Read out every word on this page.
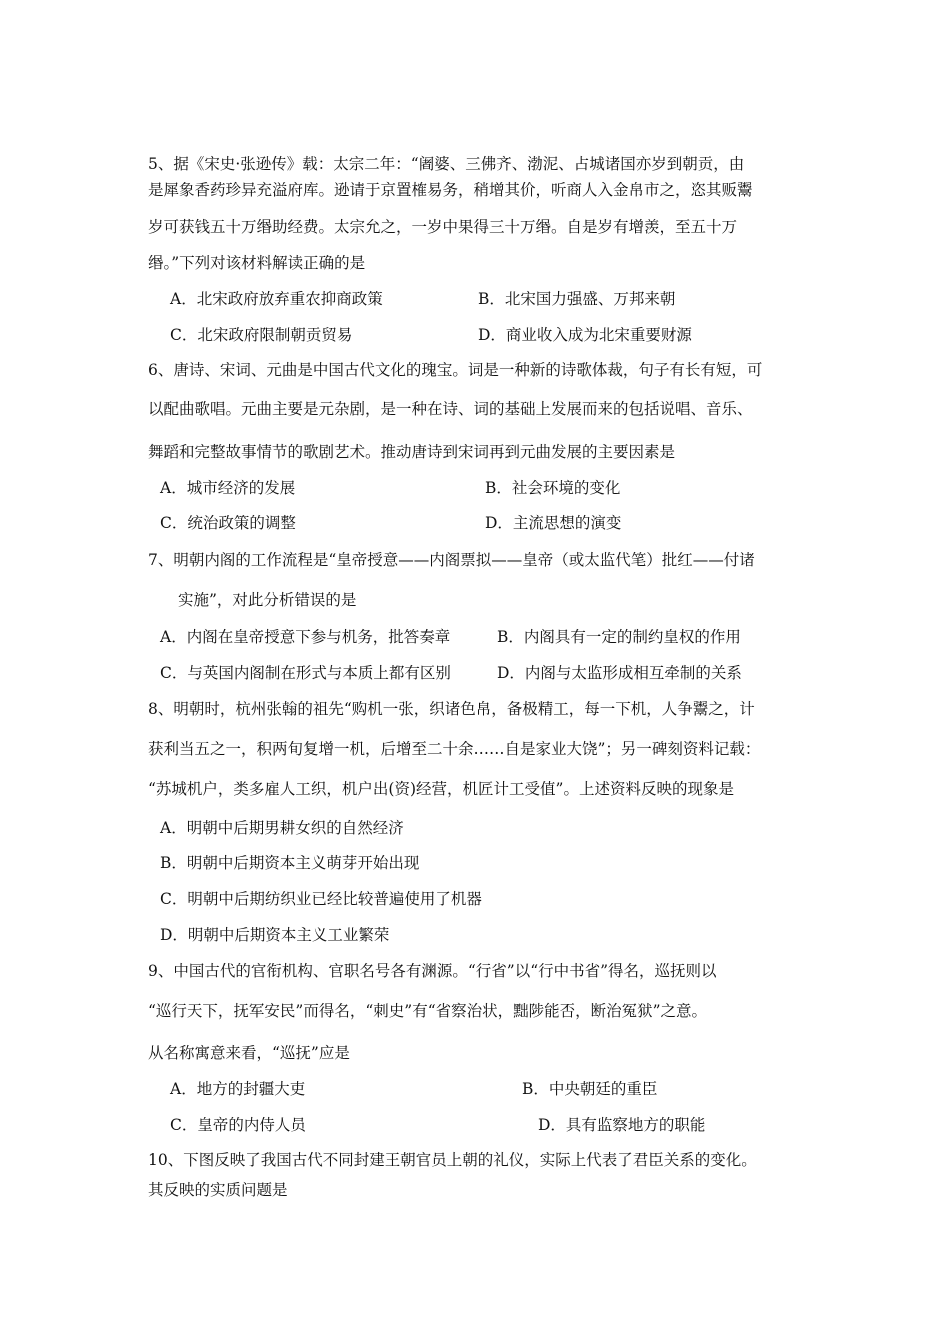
5、据《宋史·张逊传》载：太宗二年：“阇婆、三佛齐、渤泥、占城诸国亦岁到朝贡，由
是犀象香药珍异充溢府库。逊请于京置榷易务，稍增其价，听商人入金帛市之，恣其贩鬻
岁可获钱五十万缗助经费。太宗允之，一岁中果得三十万缗。自是岁有增羡，至五十万
缗。”下列对该材料解读正确的是
A．北宋政府放弃重农抑商政策	B．北宋国力强盛、万邦来朝
C．北宋政府限制朝贡贸易	D．商业收入成为北宋重要财源
6、唐诗、宋词、元曲是中国古代文化的瑰宝。词是一种新的诗歌体裁，句子有长有短，可
以配曲歌唱。元曲主要是元杂剧，是一种在诗、词的基础上发展而来的包括说唱、音乐、
舞蹈和完整故事情节的歌剧艺术。推动唐诗到宋词再到元曲发展的主要因素是
A．城市经济的发展	B．社会环境的变化
C．统治政策的调整	D．主流思想的演变
7、明朝内阁的工作流程是“皇帝授意——内阁票拟——皇帝（或太监代笔）批红——付诸
实施”，对此分析错误的是
A．内阁在皇帝授意下参与机务，批答奏章	B．内阁具有一定的制约皇权的作用
C．与英国内阁制在形式与本质上都有区别	D．内阁与太监形成相互牵制的关系
8、明朝时，杭州张翰的祖先“购机一张，织诸色帛，备极精工，每一下机，人争鬻之，计
获利当五之一，积两旬复增一机，后增至二十余……自是家业大饶”；另一碑刻资料记载：
“苏城机户，类多雇人工织，机户出(资)经营，机匠计工受值”。上述资料反映的现象是
A．明朝中后期男耕女织的自然经济
B．明朝中后期资本主义萌芽开始出现
C．明朝中后期纺织业已经比较普遍使用了机器
D．明朝中后期资本主义工业繁荣
9、中国古代的官衔机构、官职名号各有渊源。“行省”以“行中书省”得名，巡抚则以
“巡行天下，抚军安民”而得名，“刺史”有“省察治状，黜陟能否，断治冤狱”之意。
从名称寓意来看，“巡抚”应是
A．地方的封疆大吏	B．中央朝廷的重臣
C．皇帝的内侍人员	D．具有监察地方的职能
10、下图反映了我国古代不同封建王朝官员上朝的礼仪，实际上代表了君臣关系的变化。
其反映的实质问题是
